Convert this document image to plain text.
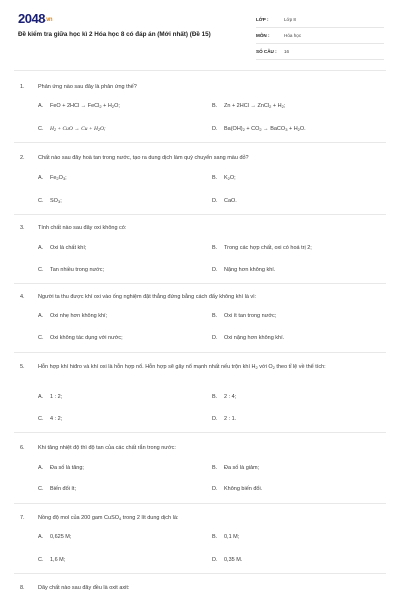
2048.vn
Đề kiểm tra giữa học kì 2 Hóa học 8 có đáp án (Mới nhất) (Đề 15)
LỚP :	Lớp 8
MÔN :	Hóa học
SỐ CÂU : 16
1. Phản ứng nào sau đây là phản ứng thế?
A. FeO + 2HCl → FeCl$_2$ + $H_2O$;	B. Zn + 2HCl → ZnCl$_2$ + $H_2$;
C. $H_2$ + CuO → $Cu + H_2O$;	D. $Ba(OH)_2 + CO_2$ → BaCO$_3$ + $H_2O$.
2. Chất nào sau đây hoà tan trong nước, tạo ra dung dịch làm quỳ chuyển sang màu đỏ?
A. $Fe_2O_3$;	B. $K_2O$;
C. $SO_3$;	D. CaO.
3. Tính chất nào sau đây oxi không có:
A. Oxi là chất khí;	B. Trong các hợp chất, oxi có hoá trị 2;
C. Tan nhiều trong nước;	D. Nặng hơn không khí.
4. Người ta thu được khí oxi vào ống nghiệm đặt thẳng đứng bằng cách đẩy không khí là vì:
A. Oxi nhẹ hơn không khí;	B. Oxi ít tan trong nước;
C. Oxi không tác dụng với nước;	D. Oxi nặng hơn không khí.
5. Hỗn hợp khí hiđro và khí oxi là hỗn hợp nổ. Hỗn hợp sẽ gây nổ mạnh nhất nếu trộn khí $H_2$ với $O_2$ theo tỉ lệ về thể tích:
A. 1 : 2;	B. 2 : 4;
C. 4 : 2;	D. 2 : 1.
6. Khi tăng nhiệt độ thì độ tan của các chất rắn trong nước:
A. Đa số là tăng;	B. Đa số là giảm;
C. Biến đổi ít;	D. Không biến đổi.
7. Nồng độ mol của 200 gam CuSO$_4$ trong 2 lít dung dịch là:
A. 0,625 M;	B. 0,1 M;
C. 1,6 M;	D. 0,35 M.
8. Dãy chất nào sau đây đều là oxit axit:
